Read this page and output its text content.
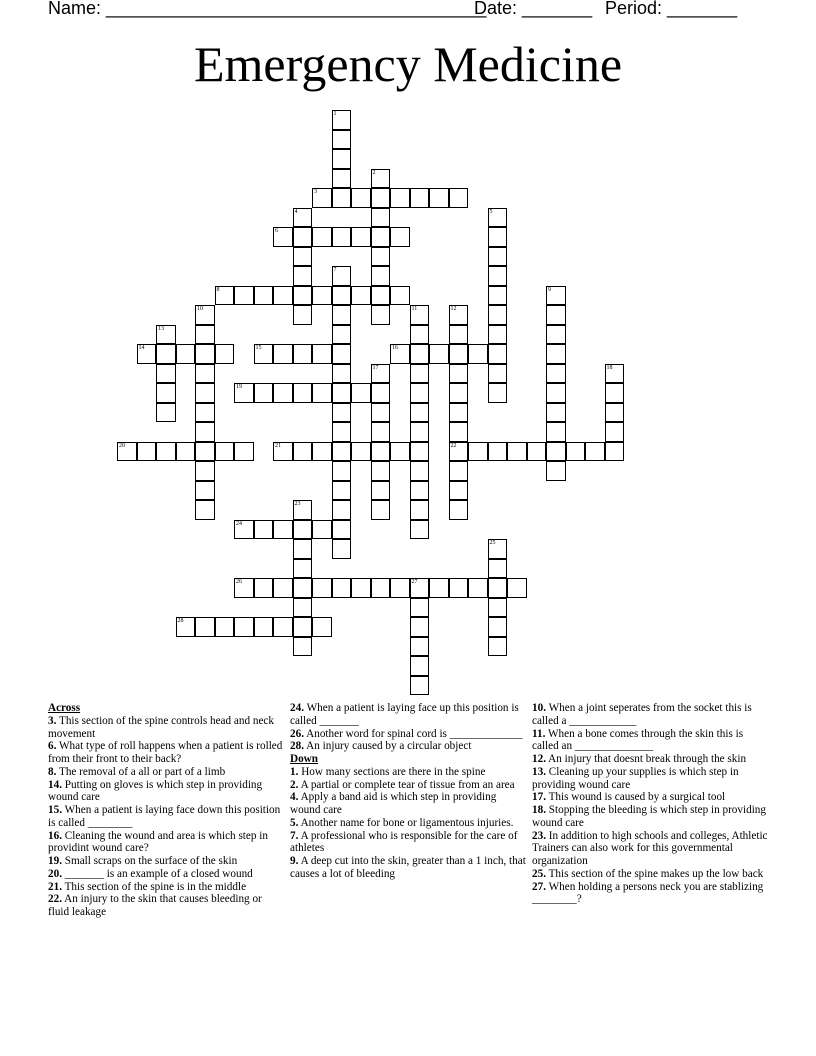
Name: ______________________________________
Date: _______ Period: _______
Emergency Medicine
1
2
3
4	5
6
7
8	9
10	11	12
22
13
14	15	16
17	18
19
20	21
23
24
25
26	27
28
Across
3. This section of the spine controls head and neck movement
6. What type of roll happens when a patient is rolled from their front to their back?
8. The removal of a all or part of a limb
14. Putting on gloves is which step in providing wound care
15. When a patient is laying face down this position is called ________
16. Cleaning the wound and area is which step in providint wound care?
19. Small scraps on the surface of the skin
20. _______ is an example of a closed wound
21. This section of the spine is in the middle
22. An injury to the skin that causes bleeding or fluid leakage
24. When a patient is laying face up this position is called _______
26. Another word for spinal cord is _____________
28. An injury caused by a circular object
Down
1. How many sections are there in the spine
2. A partial or complete tear of tissue from an area
4. Apply a band aid is which step in providing wound care
5. Another name for bone or ligamentous injuries.
7. A professional who is responsible for the care of athletes
9. A deep cut into the skin, greater than a 1 inch, that causes a lot of bleeding
10. When a joint seperates from the socket this is called a ____________
11. When a bone comes through the skin this is called an ______________
12. An injury that doesnt break through the skin
13. Cleaning up your supplies is which step in providing wound care
17. This wound is caused by a surgical tool
18. Stopping the bleeding is which step in providing wound care
23. In addition to high schools and colleges, Athletic Trainers can also work for this governmental organization
25. This section of the spine makes up the low back
27. When holding a persons neck you are stablizing ________?
